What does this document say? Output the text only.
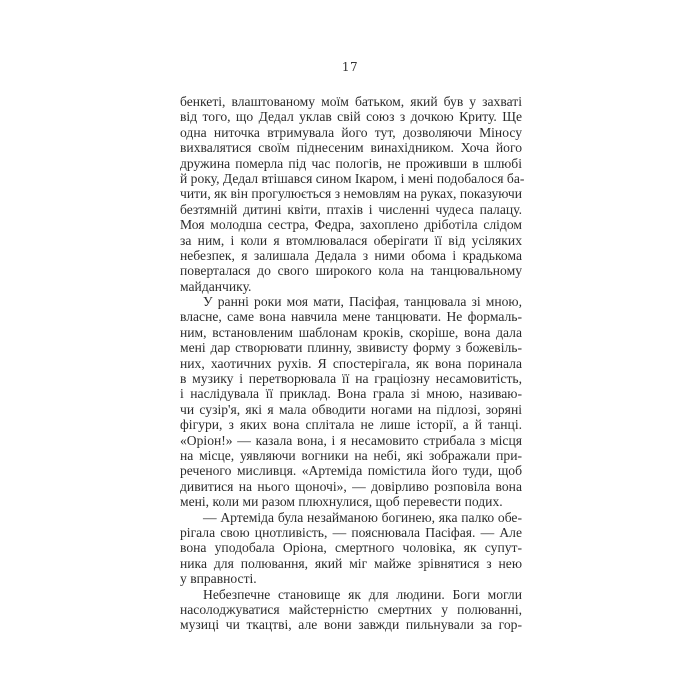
17
бенкеті, влаштованому моїм батьком, який був у захваті
від того, що Дедал уклав свій союз з дочкою Криту. Ще
одна ниточка втримувала його тут, дозволяючи Міносу
вихвалятися своїм піднесеним винахідником. Хоча його
дружина померла під час пологів, не проживши в шлюбі
й року, Дедал втішався сином Ікаром, і мені подобалося ба-
чити, як він прогулюється з немовлям на руках, показуючи
безтямній дитині квіти, птахів і численні чудеса палацу.
Моя молодша сестра, Федра, захоплено дріботіла слідом
за ним, і коли я втомлювалася оберігати її від усіляких
небезпек, я залишала Дедала з ними обома і крадькома
поверталася до свого широкого кола на танцювальному
майданчику.
У ранні роки моя мати, Пасіфая, танцювала зі мною,
власне, саме вона навчила мене танцювати. Не формаль-
ним, встановленим шаблонам кроків, скоріше, вона дала
мені дар створювати плинну, звивисту форму з божевіль-
них, хаотичних рухів. Я спостерігала, як вона поринала
в музику і перетворювала її на граціозну несамовитість,
і наслідувала її приклад. Вона грала зі мною, називаю-
чи сузір'я, які я мала обводити ногами на підлозі, зоряні
фігури, з яких вона сплітала не лише історії, а й танці.
«Оріон!» — казала вона, і я несамовито стрибала з місця
на місце, уявляючи вогники на небі, які зображали при-
реченого мисливця. «Артеміда помістила його туди, щоб
дивитися на нього щоночі», — довірливо розповіла вона
мені, коли ми разом плюхнулися, щоб перевести подих.
— Артеміда була незайманою богинею, яка палко обе-
рігала свою цнотливість, — пояснювала Пасіфая. — Але
вона уподобала Оріона, смертного чоловіка, як супут-
ника для полювання, який міг майже зрівнятися з нею
у вправності.
Небезпечне становище як для людини. Боги могли
насолоджуватися майстерністю смертних у полюванні,
музиці чи ткацтві, але вони завжди пильнували за гор-
